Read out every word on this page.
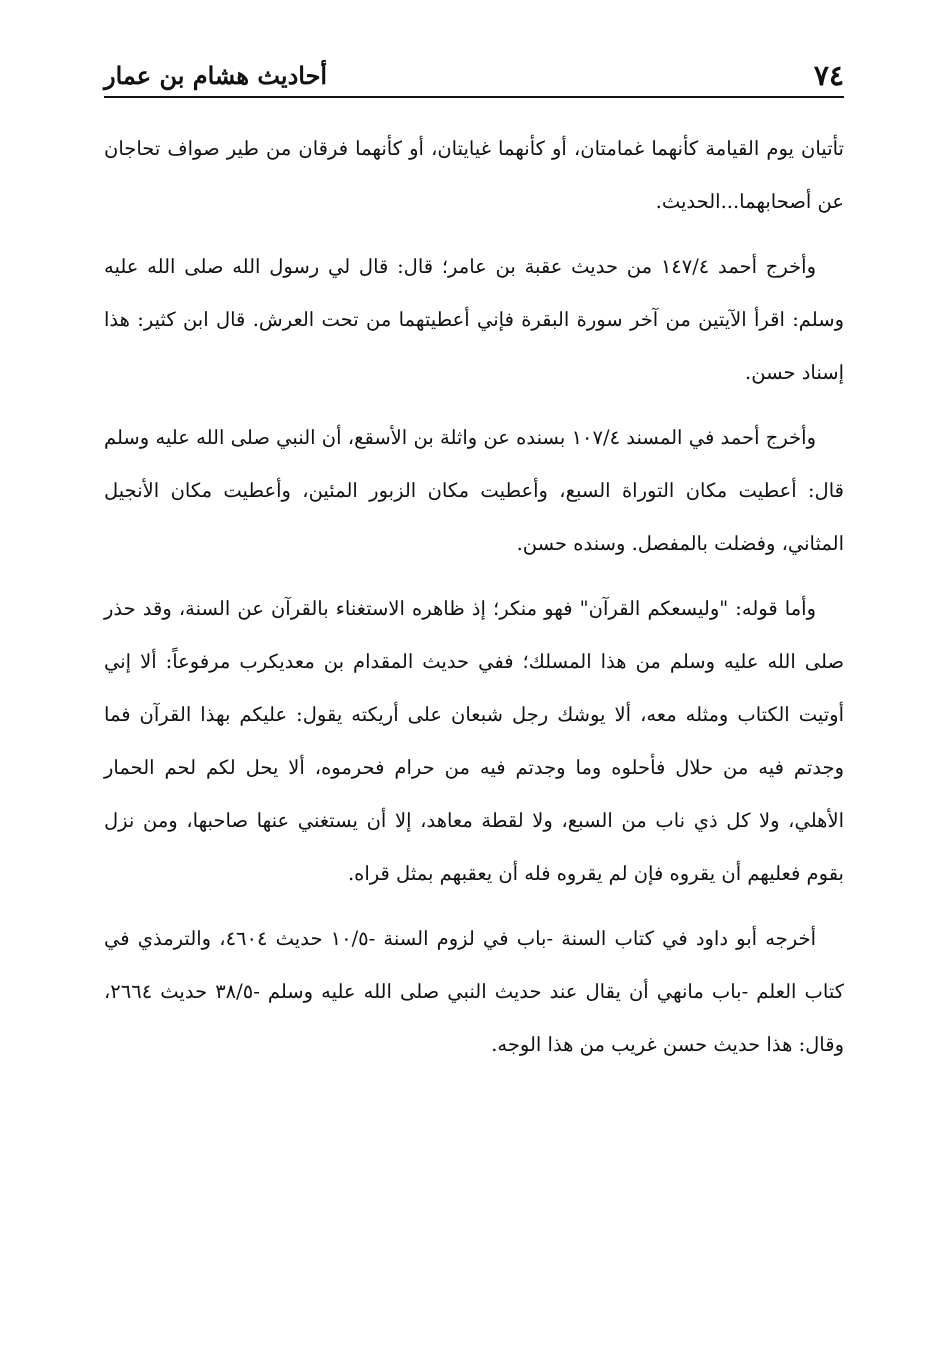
٧٤
أحاديث هشام بن عمار

تأتيان يوم القيامة كأنهما غمامتان، أو كأنهما غيايتان، أو كأنهما فرقان من طير صواف تحاجان عن أصحابهما...الحديث.

وأخرج أحمد ١٤٧/٤ من حديث عقبة بن عامر؛ قال: قال لي رسول الله صلى الله عليه وسلم: اقرأ الآيتين من آخر سورة البقرة فإني أعطيتهما من تحت العرش. قال ابن كثير: هذا إسناد حسن.

وأخرج أحمد في المسند ١٠٧/٤ بسنده عن واثلة بن الأسقع، أن النبي صلى الله عليه وسلم قال: أعطيت مكان التوراة السبع، وأعطيت مكان الزبور المئين، وأعطيت مكان الأنجيل المثاني، وفضلت بالمفصل. وسنده حسن.

وأما قوله: "وليسعكم القرآن" فهو منكر؛ إذ ظاهره الاستغناء بالقرآن عن السنة، وقد حذر صلى الله عليه وسلم من هذا المسلك؛ ففي حديث المقدام بن معديكرب مرفوعاً: ألا إني أوتيت الكتاب ومثله معه، ألا يوشك رجل شبعان على أريكته يقول: عليكم بهذا القرآن فما وجدتم فيه من حلال فأحلوه وما وجدتم فيه من حرام فحرموه، ألا يحل لكم لحم الحمار الأهلي، ولا كل ذي ناب من السبع، ولا لقطة معاهد، إلا أن يستغني عنها صاحبها، ومن نزل بقوم فعليهم أن يقروه فإن لم يقروه فله أن يعقبهم بمثل قراه.

أخرجه أبو داود في كتاب السنة -باب في لزوم السنة -١٠/٥ حديث ٤٦٠٤، والترمذي في كتاب العلم -باب مانهي أن يقال عند حديث النبي صلى الله عليه وسلم -٣٨/٥ حديث ٢٦٦٤، وقال: هذا حديث حسن غريب من هذا الوجه.
